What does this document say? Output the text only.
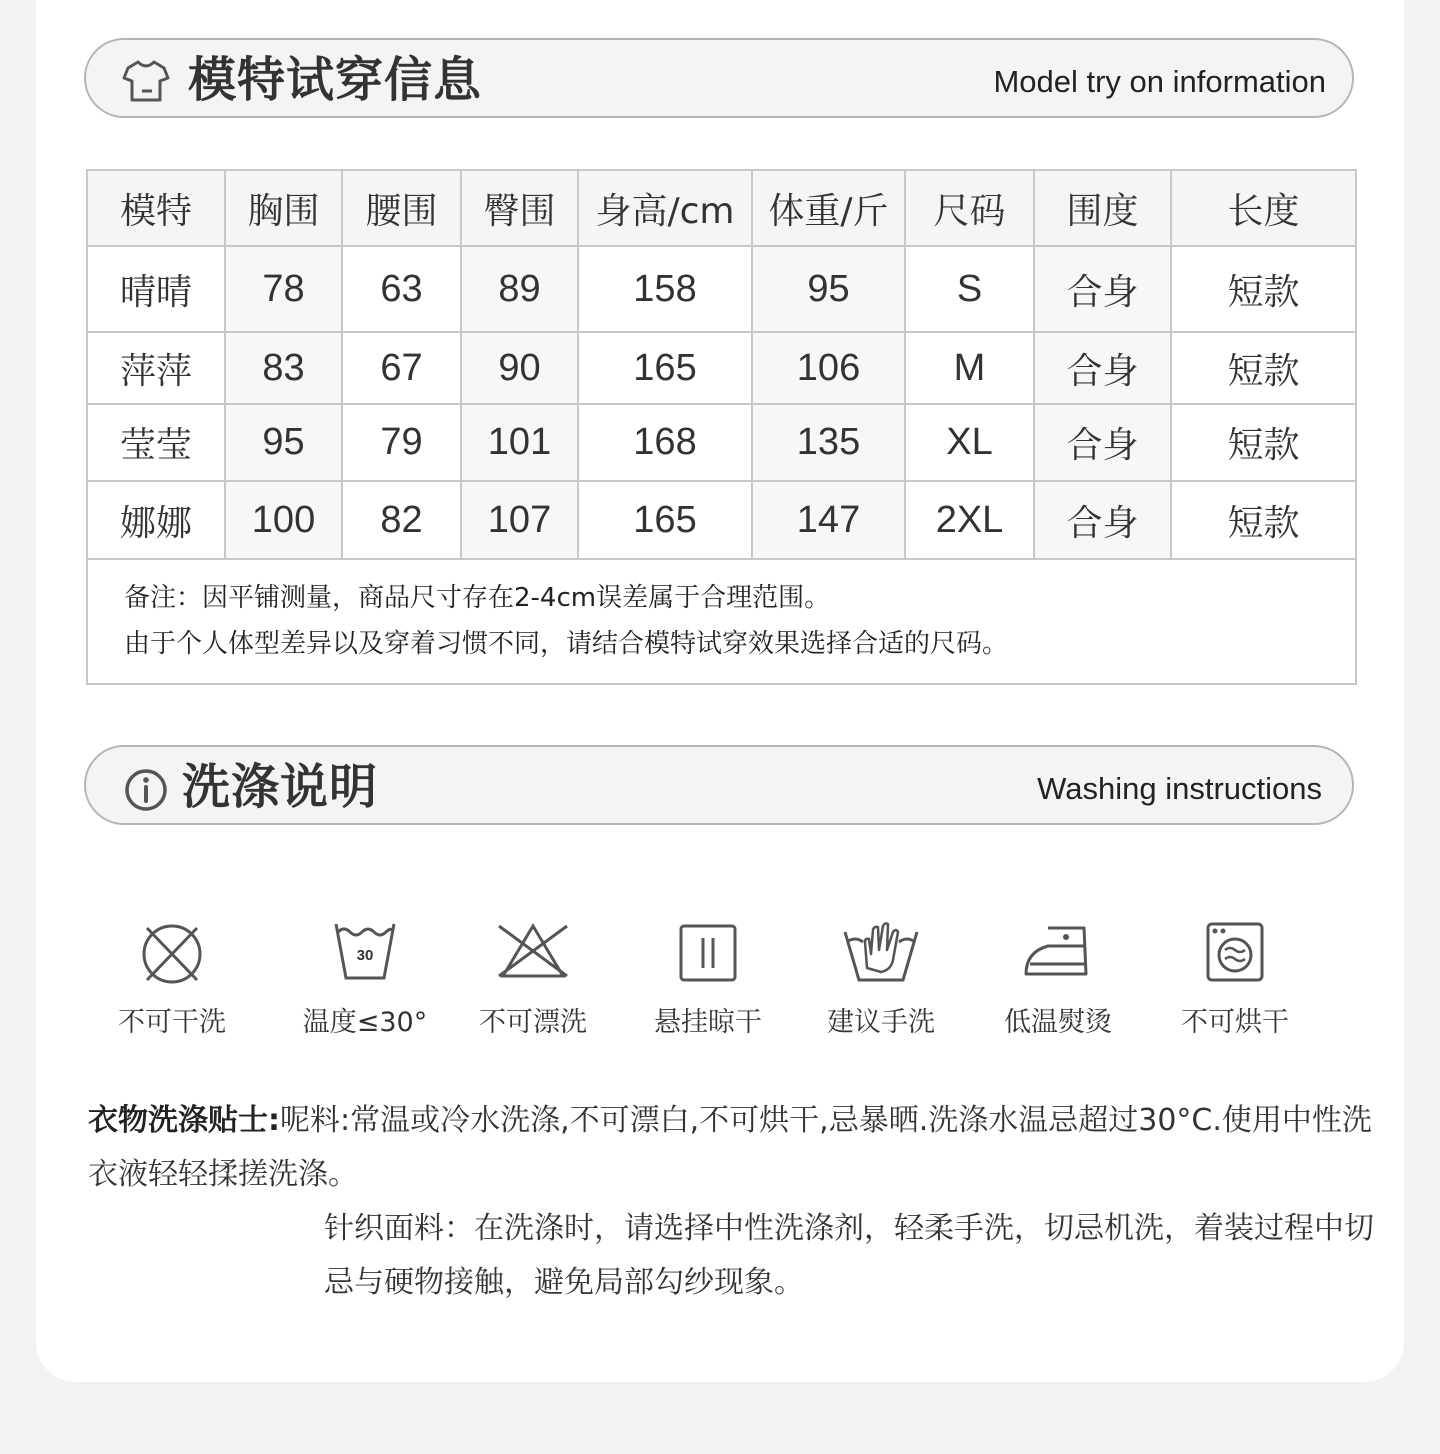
模特试穿信息	Model try on information
模特	胸围	腰围	臀围	身高/cm	体重/斤	尺码	围度	长度
晴晴	78	63	89	158	95	S	合身	短款
萍萍	83	67	90	165	106	M	合身	短款
莹莹	95	79	101	168	135	XL	合身	短款
娜娜	100	82	107	165	147	2XL	合身	短款
备注：因平铺测量，商品尺寸存在2-4cm误差属于合理范围。
由于个人体型差异以及穿着习惯不同，请结合模特试穿效果选择合适的尺码。
洗涤说明	Washing instructions
不可干洗
30
温度≤30°	不可漂洗	悬挂晾干	建议手洗	低温熨烫	不可烘干

衣物洗涤贴士:呢料:常温或冷水洗涤,不可漂白,不可烘干,忌暴晒.洗涤水温忌超过30°C.使用中性洗衣液轻轻揉搓洗涤。

针织面料：在洗涤时，请选择中性洗涤剂，轻柔手洗，切忌机洗，着装过程中切忌与硬物接触，避免局部勾纱现象。
